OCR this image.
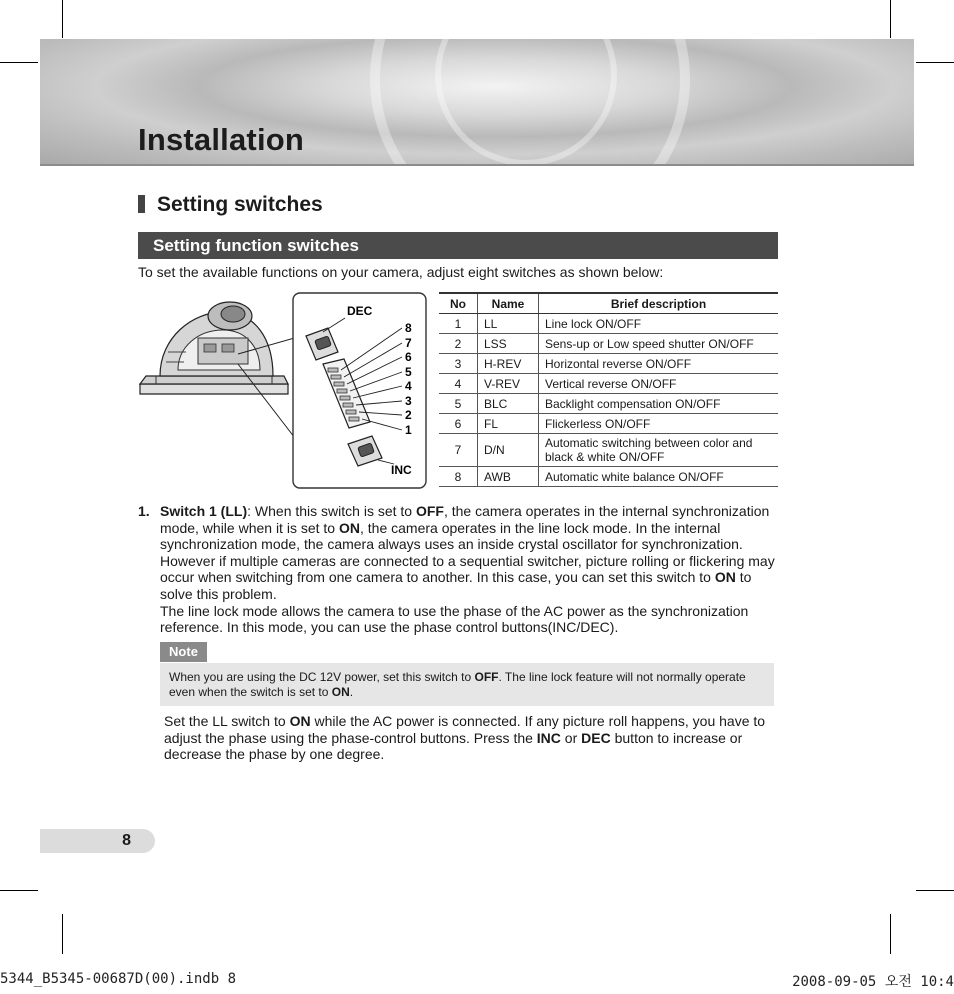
Installation
Setting switches
Setting function switches
To set the available functions on your camera, adjust eight switches as shown below:
DEC
INC
8
7
6
5
4
3
2
1
No	Name	Brief description
1	LL	Line lock ON/OFF
2	LSS	Sens-up or Low speed shutter ON/OFF
3	H-REV	Horizontal reverse ON/OFF
4	V-REV	Vertical reverse ON/OFF
5	BLC	Backlight compensation ON/OFF
6	FL	Flickerless ON/OFF
7	D/N	Automatic switching between color and black & white ON/OFF
8	AWB	Automatic white balance ON/OFF
1. Switch 1 (LL): When this switch is set to OFF, the camera operates in the internal synchronization mode, while when it is set to ON, the camera operates in the line lock mode. In the internal synchronization mode, the camera always uses an inside crystal oscillator for synchronization. However if multiple cameras are connected to a sequential switcher, picture rolling or flickering may occur when switching from one camera to another. In this case, you can set this switch to ON to solve this problem.
The line lock mode allows the camera to use the phase of the AC power as the synchronization reference. In this mode, you can use the phase control buttons(INC/DEC).
Note
When you are using the DC 12V power, set this switch to OFF. The line lock feature will not normally operate even when the switch is set to ON.
Set the LL switch to ON while the AC power is connected. If any picture roll happens, you have to adjust the phase using the phase-control buttons. Press the INC or DEC button to increase or decrease the phase by one degree.
8
5344_B5345-00687D(00).indb 8	2008-09-05 오전 10:4
